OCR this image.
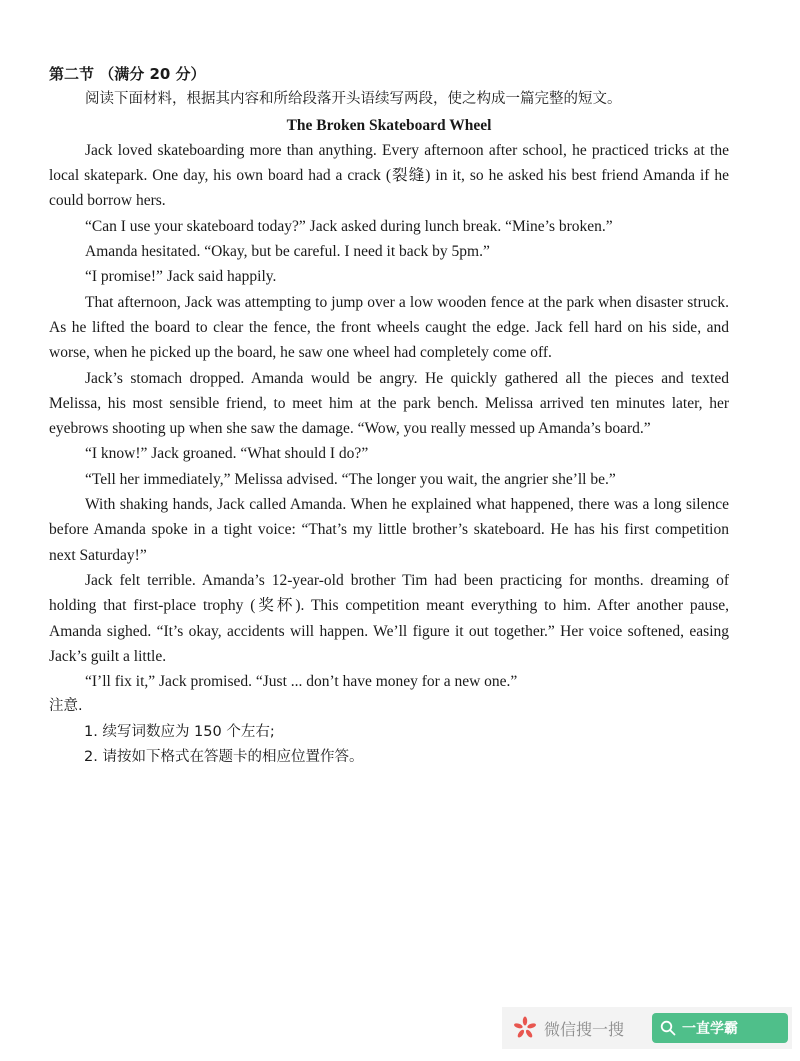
第二节 （满分 20 分）

阅读下面材料，根据其内容和所给段落开头语续写两段，使之构成一篇完整的短文。

The Broken Skateboard Wheel

Jack loved skateboarding more than anything. Every afternoon after school, he practiced tricks at the local skatepark. One day, his own board had a crack (裂缝) in it, so he asked his best friend Amanda if he could borrow hers.

“Can I use your skateboard today?” Jack asked during lunch break. “Mine’s broken.”

Amanda hesitated. “Okay, but be careful. I need it back by 5pm.”

“I promise!” Jack said happily.

That afternoon, Jack was attempting to jump over a low wooden fence at the park when disaster struck. As he lifted the board to clear the fence, the front wheels caught the edge. Jack fell hard on his side, and worse, when he picked up the board, he saw one wheel had completely come off.

Jack’s stomach dropped. Amanda would be angry. He quickly gathered all the pieces and texted Melissa, his most sensible friend, to meet him at the park bench. Melissa arrived ten minutes later, her eyebrows shooting up when she saw the damage. “Wow, you really messed up Amanda’s board.”

“I know!” Jack groaned. “What should I do?”

“Tell her immediately,” Melissa advised. “The longer you wait, the angrier she’ll be.”

With shaking hands, Jack called Amanda. When he explained what happened, there was a long silence before Amanda spoke in a tight voice: “That’s my little brother’s skateboard. He has his first competition next Saturday!”

Jack felt terrible. Amanda’s 12-year-old brother Tim had been practicing for months. dreaming of holding that first-place trophy (奖杯). This competition meant everything to him. After another pause, Amanda sighed. “It’s okay, accidents will happen. We’ll figure it out together.” Her voice softened, easing Jack’s guilt a little.

“I’ll fix it,” Jack promised. “Just ... don’t have money for a new one.”

注意.

1. 续写词数应为 150 个左右;

2. 请按如下格式在答题卡的相应位置作答。

微信搜一搜	一直学霸
